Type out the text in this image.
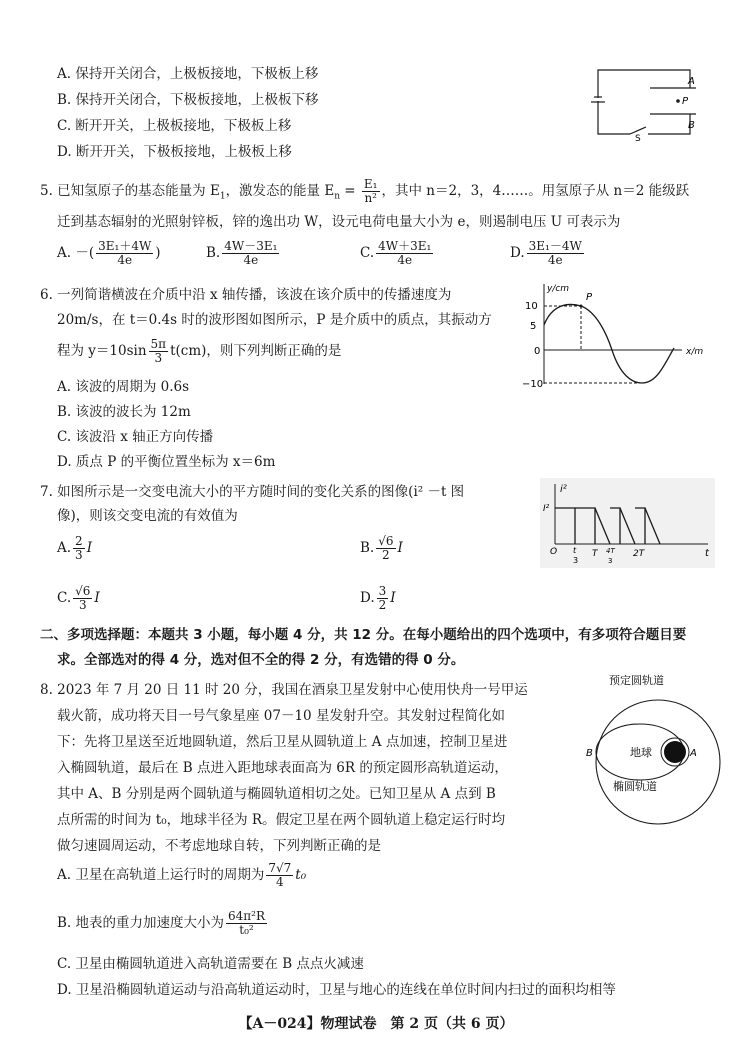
A. 保持开关闭合，上极板接地，下极板上移
B. 保持开关闭合，下极板接地，上极板下移
C. 断开开关，上极板接地，下极板上移
D. 断开开关，下极板接地，上极板上移
P
A
B
S
5. 已知氢原子的基态能量为 $E_1$，激发态的能量 $E_n = \frac{\text{E₁}}{\text{n²}}$ ，其中 n＝2，3，4……。用氢原子从 n＝2 能级跃
迁到基态辐射的光照射锌板，锌的逸出功 W，设元电荷电量大小为 e，则遏制电压 U 可表示为
A. －( $\frac{\text{3E₁＋4W}}{4e}$ )	B. $\frac{\text{4W－3E₁}}{4e}$	C. $\frac{\text{4W＋3E₁}}{4e}$	D. $\frac{\text{3E₁－4W}}{4e}$
6. 一列简谐横波在介质中沿 x 轴传播，该波在该介质中的传播速度为
20m/s，在 t＝0.4s 时的波形图如图所示，P 是介质中的质点，其振动方
程为 $y=10\sin \frac{5\pi}{3} t(cm)$，则下列判断正确的是
A. 该波的周期为 0.6s
B. 该波的波长为 12m
C. 该波沿 x 轴正方向传播
D. 质点 P 的平衡位置坐标为 x＝6m
y/cm
10
5
0
−10
P
x/m
7. 如图所示是一交变电流大小的平方随时间的变化关系的图像(i² －t 图
像)，则该交变电流的有效值为
A. $\frac{2}{3}$ I	B. $\frac{√6}{2}$ I
C. $\frac{√6}{3}$ I	D. $\frac{3}{2}$ I
i²
I²
O t
3
T 4T
3
2T	t
二、多项选择题：本题共 3 小题，每小题 4 分，共 12 分。在每小题给出的四个选项中，有多项符合题目要
求。全部选对的得 4 分，选对但不全的得 2 分，有选错的得 0 分。
8. 2023 年 7 月 20 日 11 时 20 分，我国在酒泉卫星发射中心使用快舟一号甲运
载火箭，成功将天目一号气象星座 07－10 星发射升空。其发射过程简化如
下：先将卫星送至近地圆轨道，然后卫星从圆轨道上 A 点加速，控制卫星进
入椭圆轨道，最后在 B 点进入距地球表面高为 6R 的预定圆形高轨道运动，
其中 A、B 分别是两个圆轨道与椭圆轨道相切之处。已知卫星从 A 点到 B
点所需的时间为 t₀，地球半径为 R。假定卫星在两个圆轨道上稳定运行时均
做匀速圆周运动，不考虑地球自转，下列判断正确的是
A. 卫星在高轨道上运行时的周期为 $\frac{7√7}{4} t_0$
B. 地表的重力加速度大小为 $\frac{\text{64π²R}}{\text{t₀²}}$
C. 卫星由椭圆轨道进入高轨道需要在 B 点点火减速
D. 卫星沿椭圆轨道运动与沿高轨道运动时，卫星与地心的连线在单位时间内扫过的面积均相等
预定圆轨道
地球	A
B
椭圆轨道
【A－024】物理试卷　第 2 页（共 6 页）
